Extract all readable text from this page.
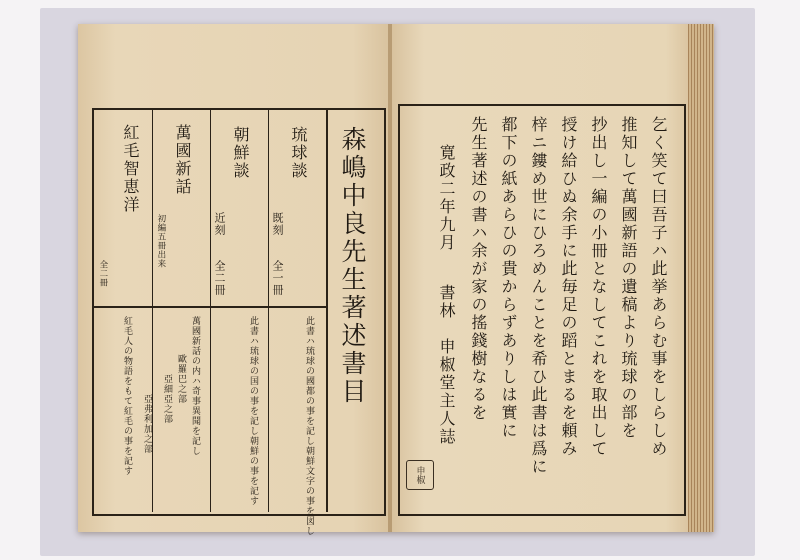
森嶋中良先生著述書目
琉球談
既刻
全一冊
朝鮮談
近刻
全二冊
萬國新話
初編五冊出来
紅毛智恵洋
全二冊
此書ハ琉球の國都の事を記し朝鮮文字の事を図し
此書ハ琉球の国の事を記し朝鮮の事を記す
萬國新話の内ハ奇事異聞を記し
歐羅巴之部
亞細亞之部
亞弗利加之部
紅毛人の物語をもて紅毛の事を記す	乞く笑て曰吾子ハ此挙あらむ事をしらしめ
推知して萬國新語の遺稿より琉球の部を
抄出し一編の小冊となしてこれを取出して
授け給ひぬ余手に此毎足の蹈とまるを頼み
梓ニ鏤め世にひろめんことを希ひ此書は爲に
都下の紙あらひの貴からずありしは實に
先生著述の書ハ余が家の搖錢樹なるを
寛政二年九月
書林　申椒堂主人誌
申椒
